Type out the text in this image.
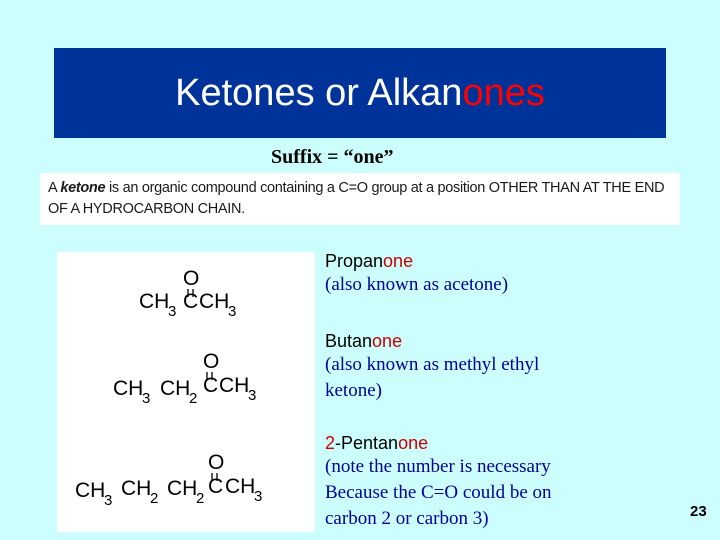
Ketones or Alkanones
Suffix = “one”
A ketone is an organic compound containing a C=O group at a position OTHER THAN AT THE END OF A HYDROCARBON CHAIN.
O
CH
3 C CH
3
O
CH
3 CH
2
C CH
3
O
CH
3
CH
2 CH
2
C CH
3
Propanone
(also known as acetone)
Butanone
(also known as methyl ethyl ketone)
2-Pentanone
(note the number is necessary Because the C=O could be on carbon 2 or carbon 3)	23
